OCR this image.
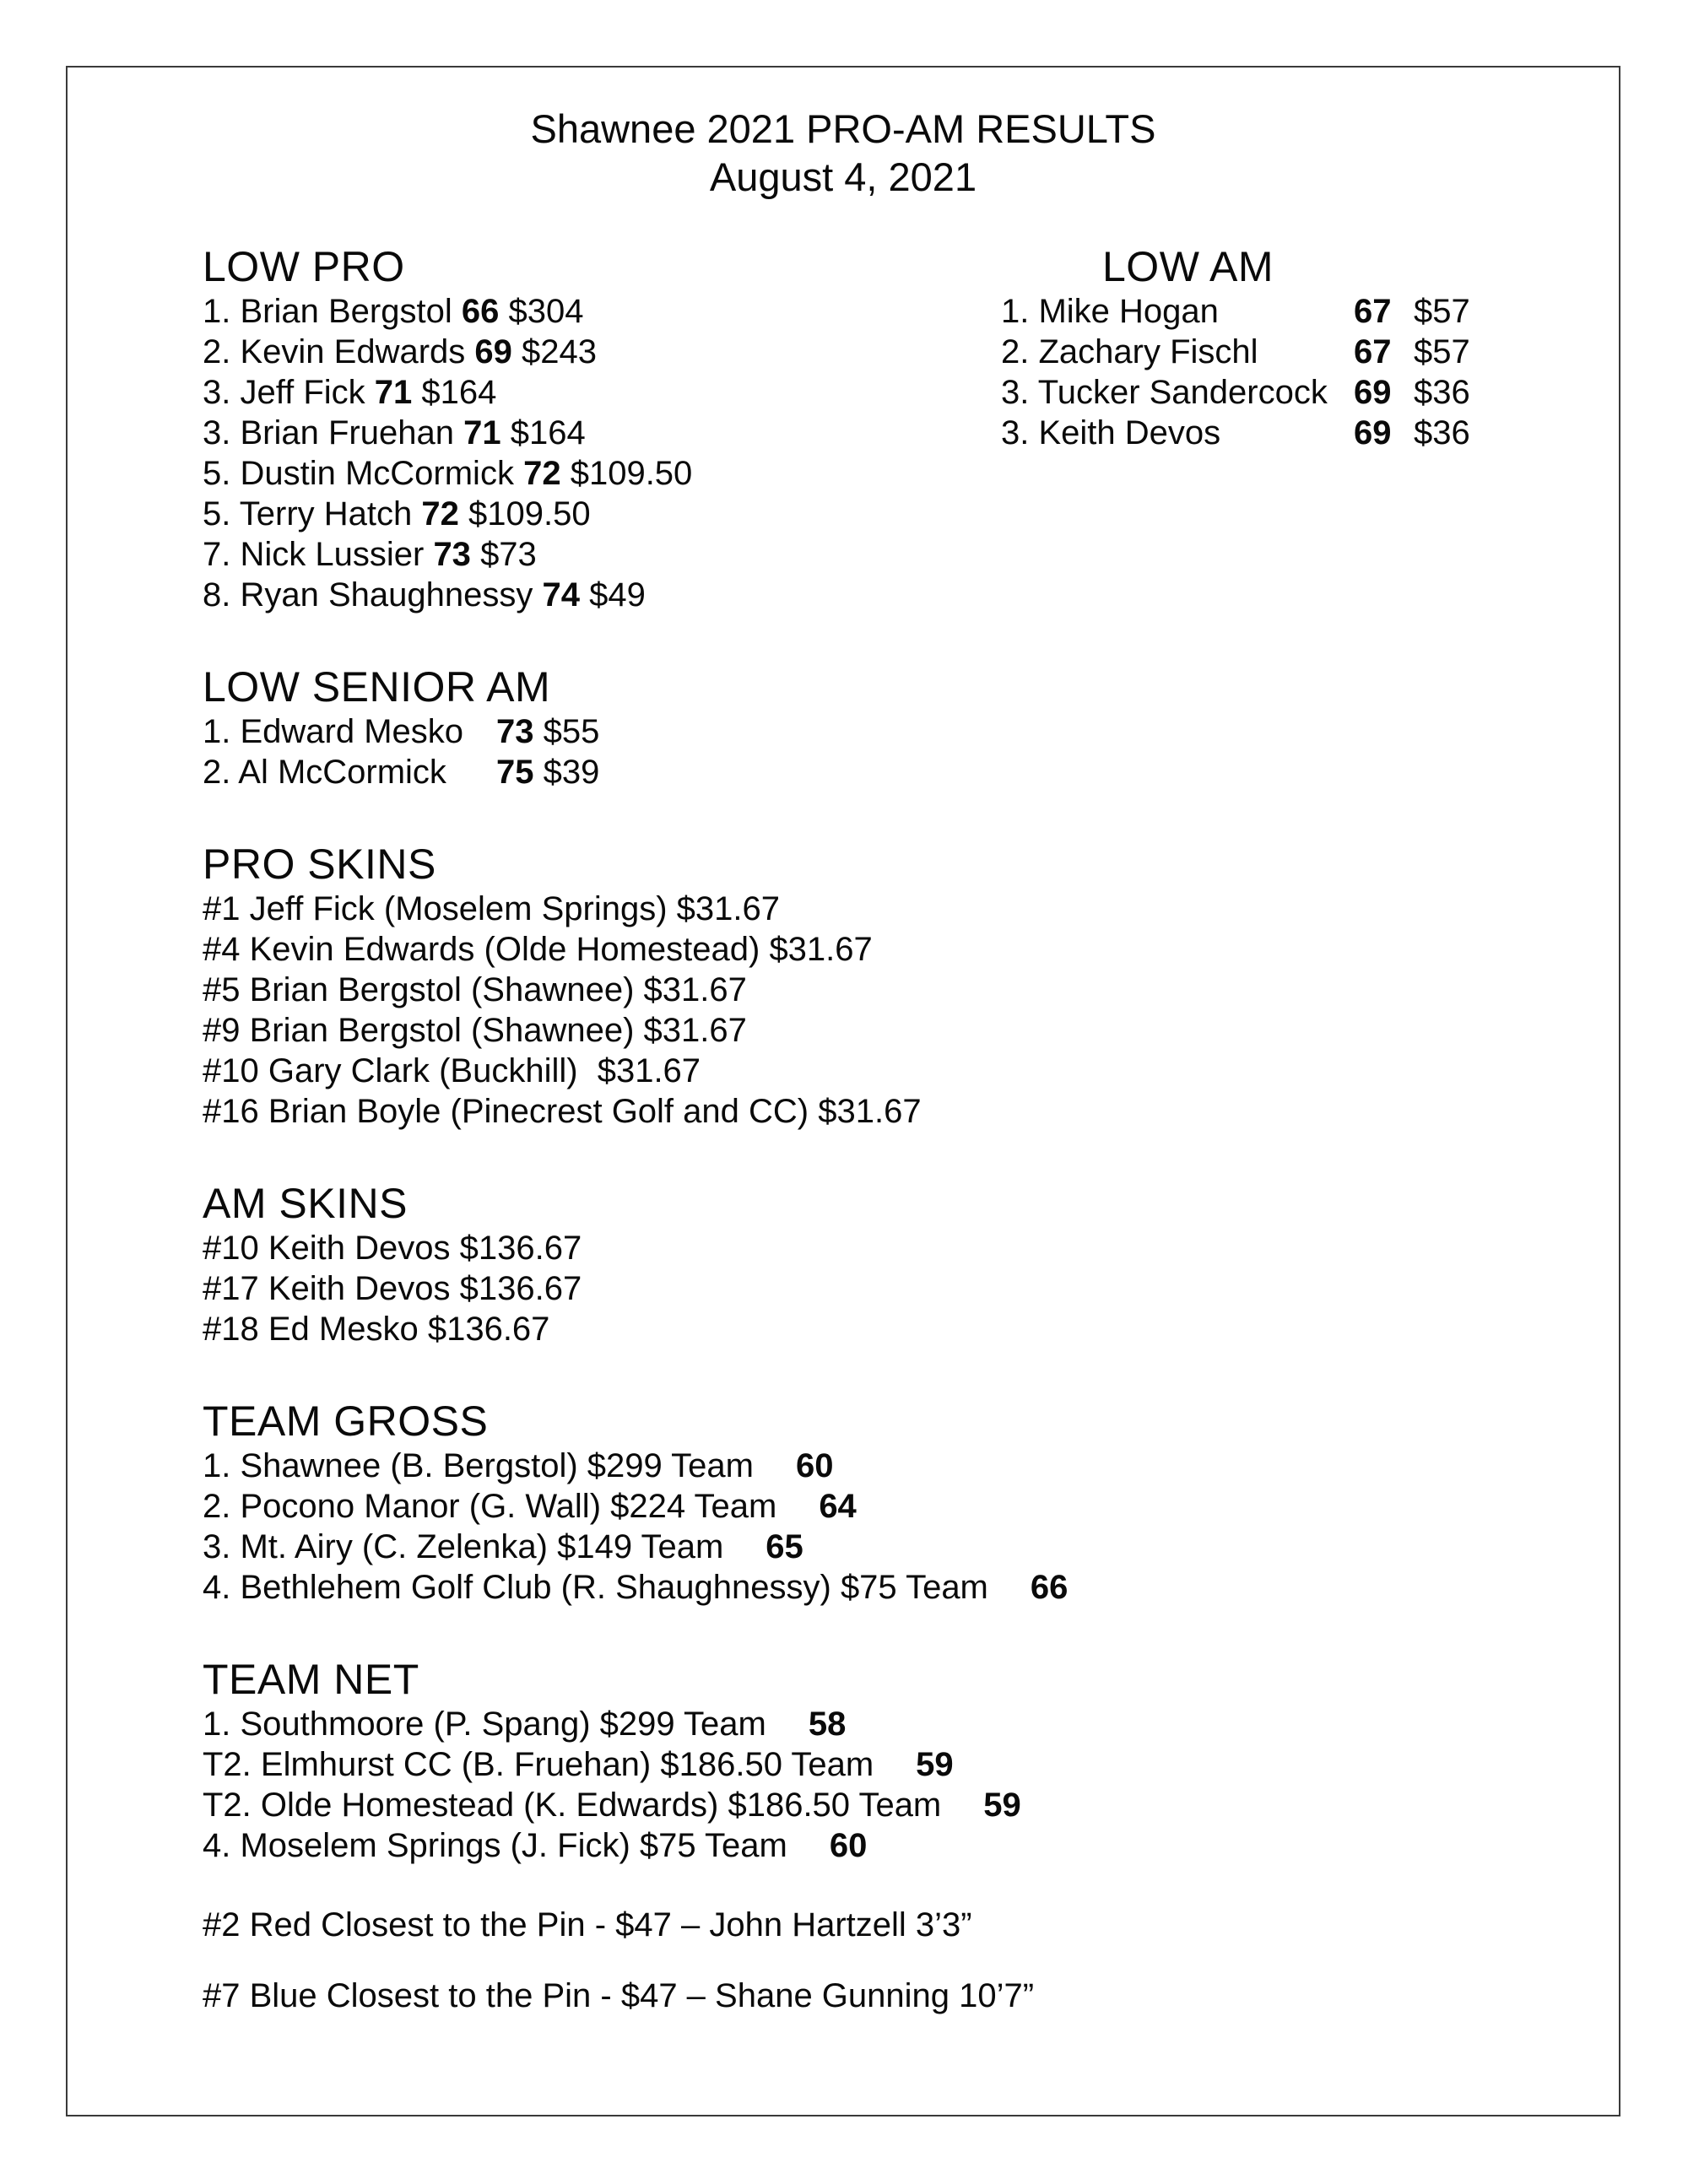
Shawnee 2021 PRO-AM RESULTS
August 4, 2021
LOW AM
1. Mike Hogan	67 $57
2. Zachary Fischl	67 $57
3. Tucker Sandercock 69 $36
3. Keith Devos	69 $36
LOW PRO
1. Brian Bergstol 66 $304
2. Kevin Edwards 69 $243
3. Jeff Fick 71 $164
3. Brian Fruehan 71 $164
5. Dustin McCormick 72 $109.50
5. Terry Hatch 72 $109.50
7. Nick Lussier 73 $73
8. Ryan Shaughnessy 74 $49
LOW SENIOR AM
1. Edward Mesko 73 $55
2. Al McCormick 75 $39
PRO SKINS
#1 Jeff Fick (Moselem Springs) $31.67
#4 Kevin Edwards (Olde Homestead) $31.67
#5 Brian Bergstol (Shawnee) $31.67
#9 Brian Bergstol (Shawnee) $31.67
#10 Gary Clark (Buckhill) $31.67
#16 Brian Boyle (Pinecrest Golf and CC) $31.67
AM SKINS
#10 Keith Devos $136.67
#17 Keith Devos $136.67
#18 Ed Mesko $136.67
TEAM GROSS
1. Shawnee (B. Bergstol) $299 Team 60
2. Pocono Manor (G. Wall) $224 Team 64
3. Mt. Airy (C. Zelenka) $149 Team 65
4. Bethlehem Golf Club (R. Shaughnessy) $75 Team 66
TEAM NET
1. Southmoore (P. Spang) $299 Team 58
T2. Elmhurst CC (B. Fruehan) $186.50 Team 59
T2. Olde Homestead (K. Edwards) $186.50 Team 59
4. Moselem Springs (J. Fick) $75 Team 60
#2 Red Closest to the Pin - $47 – John Hartzell 3’3”
#7 Blue Closest to the Pin - $47 – Shane Gunning 10’7”
